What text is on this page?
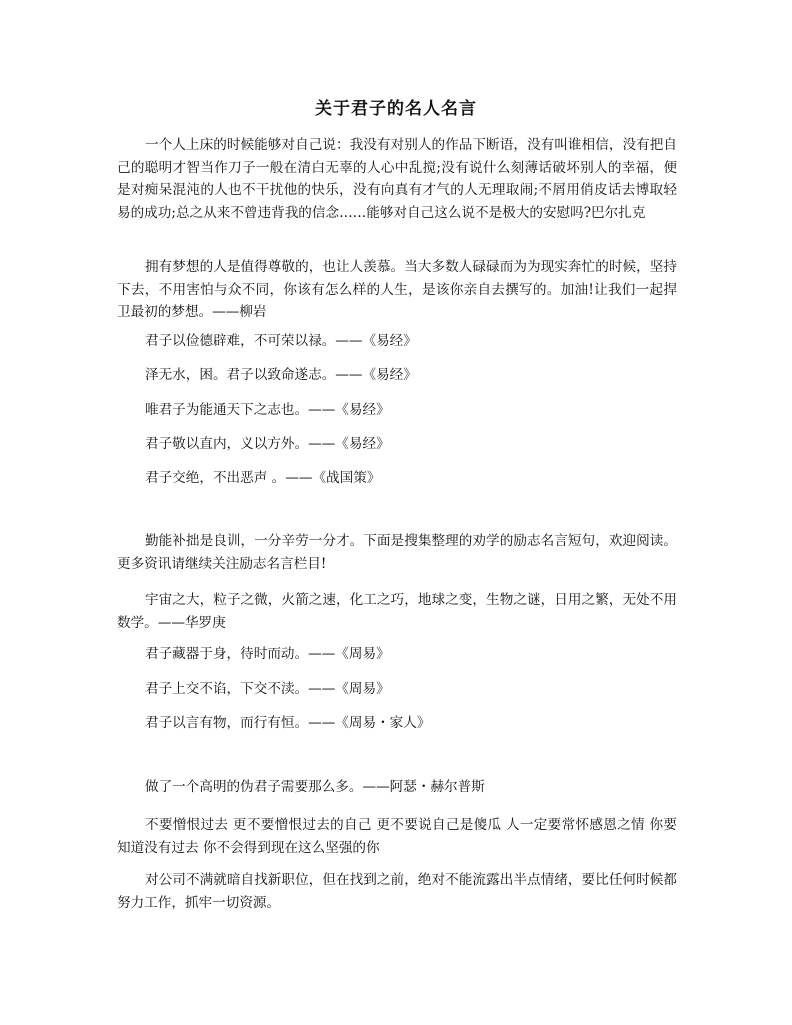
关于君子的名人名言

一个人上床的时候能够对自己说：我没有对别人的作品下断语，没有叫谁相信，没有把自己的聪明才智当作刀子一般在清白无辜的人心中乱搅;没有说什么刻薄话破坏别人的幸福，便是对痴呆混沌的人也不干扰他的快乐，没有向真有才气的人无理取闹;不屑用俏皮话去博取轻易的成功;总之从来不曾违背我的信念……能够对自己这么说不是极大的安慰吗?巴尔扎克

拥有梦想的人是值得尊敬的，也让人羡慕。当大多数人碌碌而为为现实奔忙的时候，坚持下去，不用害怕与众不同，你该有怎么样的人生，是该你亲自去撰写的。加油!让我们一起捍卫最初的梦想。——柳岩

君子以俭德辟难，不可荣以禄。——《易经》

泽无水，困。君子以致命遂志。——《易经》

唯君子为能通天下之志也。——《易经》

君子敬以直内，义以方外。——《易经》

君子交绝，不出恶声 。——《战国策》

勤能补拙是良训，一分辛劳一分才。下面是搜集整理的劝学的励志名言短句，欢迎阅读。更多资讯请继续关注励志名言栏目!

宇宙之大，粒子之微，火箭之速，化工之巧，地球之变，生物之谜，日用之繁，无处不用数学。——华罗庚

君子藏器于身，待时而动。——《周易》

君子上交不谄，下交不渎。——《周易》

君子以言有物，而行有恒。——《周易・家人》

做了一个高明的伪君子需要那么多。——阿瑟・赫尔普斯

不要憎恨过去 更不要憎恨过去的自己 更不要说自己是傻瓜 人一定要常怀感恩之情 你要知道没有过去 你不会得到现在这么坚强的你

对公司不满就暗自找新职位，但在找到之前，绝对不能流露出半点情绪，要比任何时候都努力工作，抓牢一切资源。
